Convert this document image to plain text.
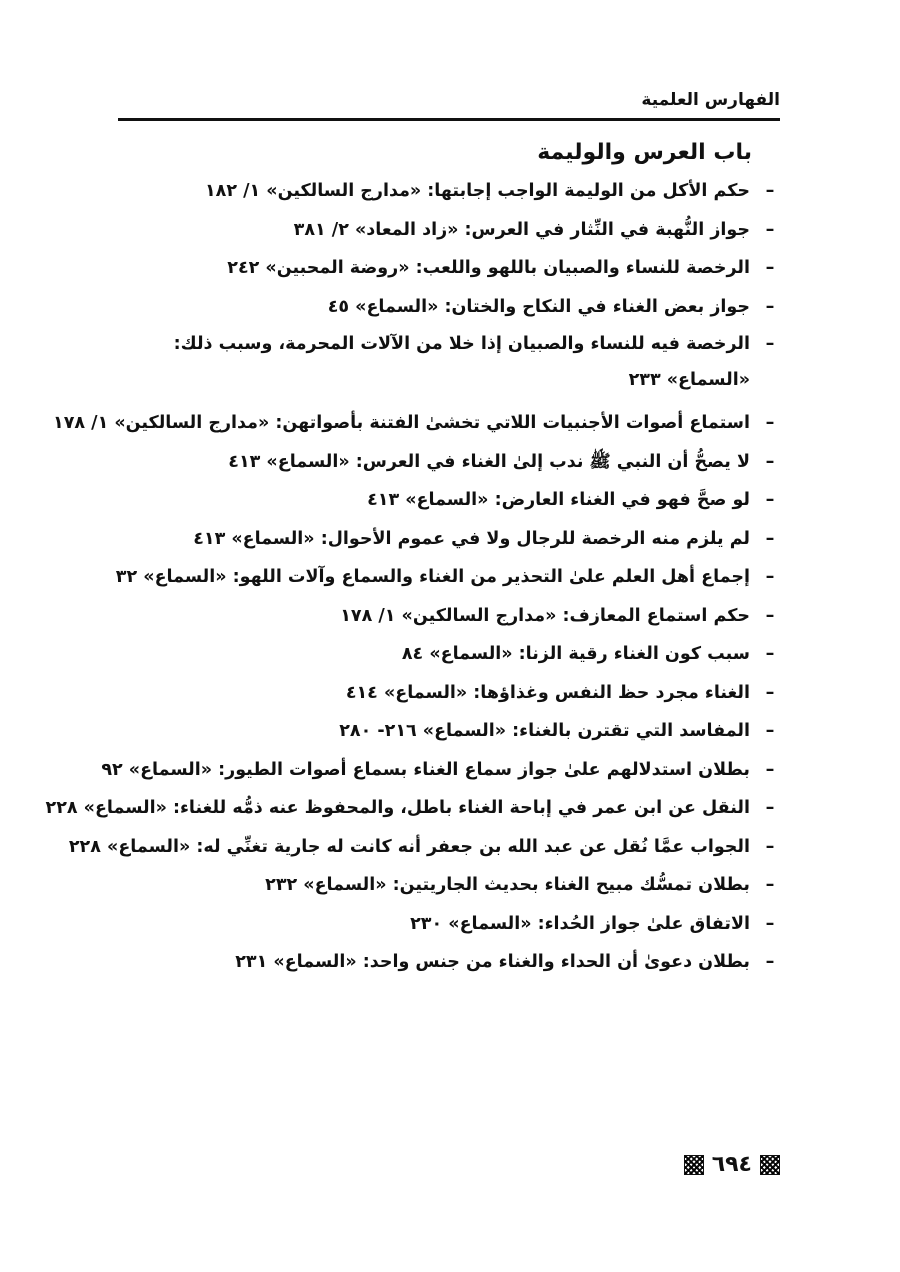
الفهارس العلمية
باب العرس والوليمة
–
حكم الأكل من الوليمة الواجب إجابتها: «مدارج السالكين» ١/ ١٨٢
–
جواز النُّهبة في النِّثار في العرس: «زاد المعاد» ٢/ ٣٨١
–
الرخصة للنساء والصبيان باللهو واللعب: «روضة المحبين» ٢٤٢
–
جواز بعض الغناء في النكاح والختان: «السماع» ٤٥
–
الرخصة فيه للنساء والصبيان إذا خلا من الآلات المحرمة، وسبب ذلك: «السماع» ٢٣٣
–
استماع أصوات الأجنبيات اللاتي تخشىٰ الفتنة بأصواتهن: «مدارج السالكين» ١/ ١٧٨
–
لا يصحُّ أن النبي ﷺ ندب إلىٰ الغناء في العرس: «السماع» ٤١٣
–
لو صحَّ فهو في الغناء العارض: «السماع» ٤١٣
–
لم يلزم منه الرخصة للرجال ولا في عموم الأحوال: «السماع» ٤١٣
–
إجماع أهل العلم علىٰ التحذير من الغناء والسماع وآلات اللهو: «السماع» ٣٢
–
حكم استماع المعازف: «مدارج السالكين» ١/ ١٧٨
–
سبب كون الغناء رقية الزنا: «السماع» ٨٤
–
الغناء مجرد حظ النفس وغذاؤها: «السماع» ٤١٤
–
المفاسد التي تقترن بالغناء: «السماع» ٢١٦- ٢٨٠
–
بطلان استدلالهم علىٰ جواز سماع الغناء بسماع أصوات الطيور: «السماع» ٩٢
–
النقل عن ابن عمر في إباحة الغناء باطل، والمحفوظ عنه ذمُّه للغناء: «السماع» ٢٢٨
–
الجواب عمَّا نُقل عن عبد الله بن جعفر أنه كانت له جارية تغنِّي له: «السماع» ٢٢٨
–
بطلان تمسُّك مبيح الغناء بحديث الجاريتين: «السماع» ٢٣٢
–
الاتفاق علىٰ جواز الحُداء: «السماع» ٢٣٠
–
بطلان دعوىٰ أن الحداء والغناء من جنس واحد: «السماع» ٢٣١
٦٩٤
